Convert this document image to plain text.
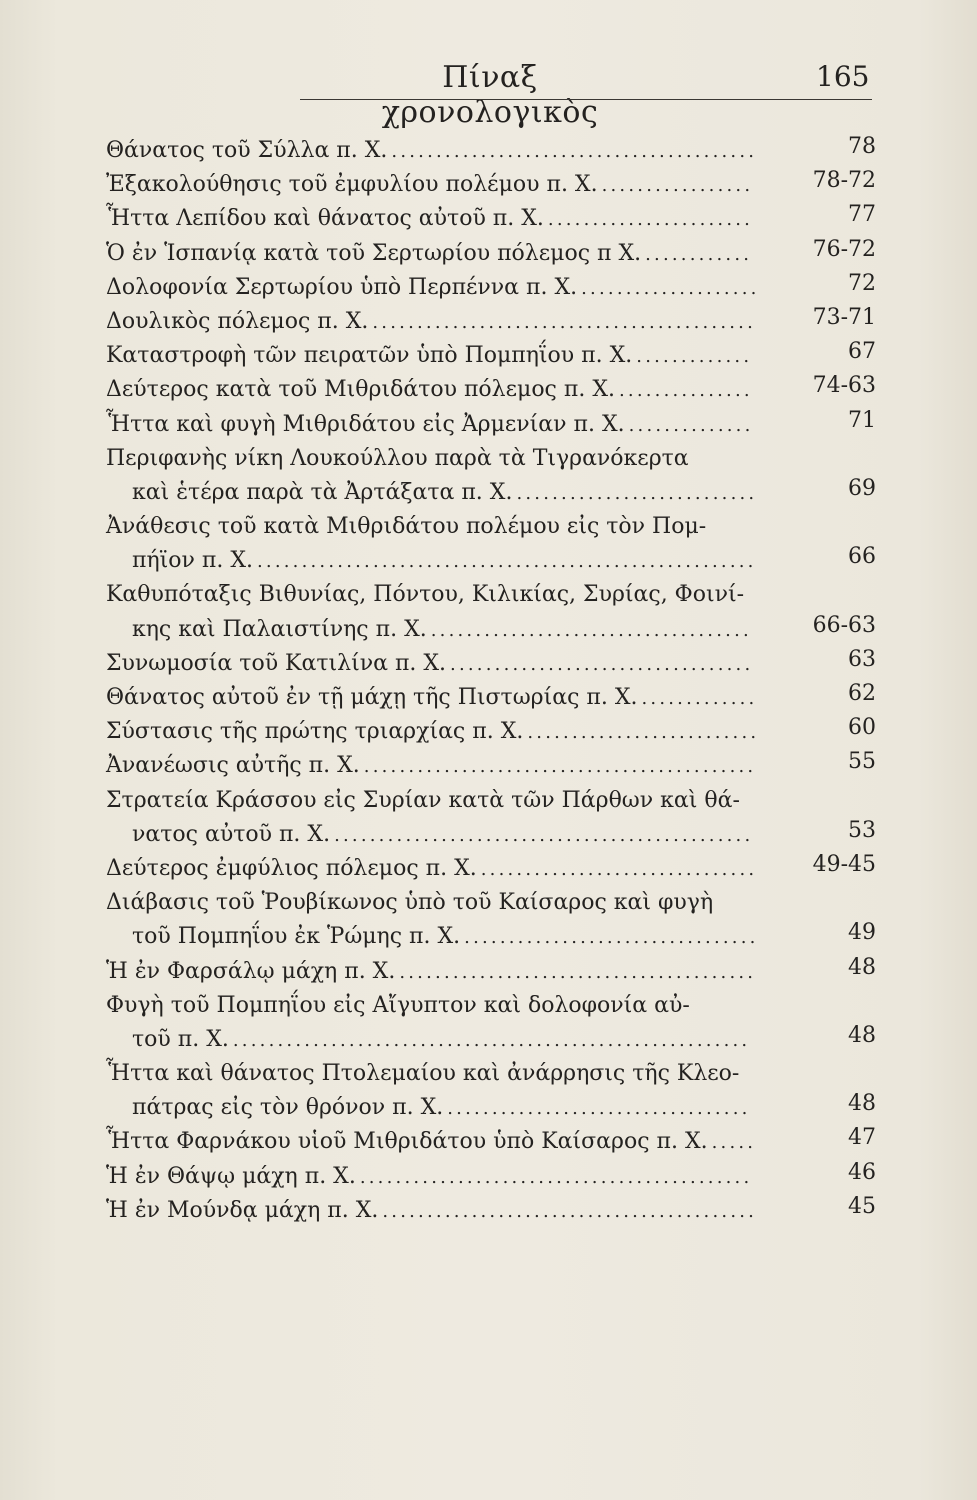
Πίναξ χρονολογικὸς
165
Θάνατος τοῦ Σύλλα π. Χ. .........................................	78
Ἐξακολούθησις τοῦ ἐμφυλίου πολέμου π. Χ. .................	78-72
Ἧττα Λεπίδου καὶ θάνατος αὐτοῦ π. Χ. .......................	77
Ὁ ἐν Ἱσπανίᾳ κατὰ τοῦ Σερτωρίου πόλεμος π Χ. ............	76-72
Δολοφονία Σερτωρίου ὑπὸ Περπέννα π. Χ. ....................	72
Δουλικὸς πόλεμος π. Χ. ...........................................	73-71
Καταστροφὴ τῶν πειρατῶν ὑπὸ Πομπηΐου π. Χ. .............	67
Δεύτερος κατὰ τοῦ Μιθριδάτου πόλεμος π. Χ. ...............	74-63
Ἧττα καὶ φυγὴ Μιθριδάτου εἰς Ἀρμενίαν π. Χ. ..............	71
Περιφανὴς νίκη Λουκούλλου παρὰ τὰ Τιγρανόκερτα
καὶ ἑτέρα παρὰ τὰ Ἀρτάξατα π. Χ. ...........................	69
Ἀνάθεσις τοῦ κατὰ Μιθριδάτου πολέμου εἰς τὸν Πομ-
πήϊον π. Χ. ........................................................	66
Καθυπόταξις Βιθυνίας, Πόντου, Κιλικίας, Συρίας, Φοινί-
κης καὶ Παλαιστίνης π. Χ. ....................................	66-63
Συνωμοσία τοῦ Κατιλίνα π. Χ. ..................................	63
Θάνατος αὐτοῦ ἐν τῇ μάχῃ τῆς Πιστωρίας π. Χ. .............	62
Σύστασις τῆς πρώτης τριαρχίας π. Χ. ..........................	60
Ἀνανέωσις αὐτῆς π. Χ. ............................................	55
Στρατεία Κράσσου εἰς Συρίαν κατὰ τῶν Πάρθων καὶ θά-
νατος αὐτοῦ π. Χ. ...............................................	53
Δεύτερος ἐμφύλιος πόλεμος π. Χ. ...............................	49-45
Διάβασις τοῦ Ῥουβίκωνος ὑπὸ τοῦ Καίσαρος καὶ φυγὴ
τοῦ Πομπηΐου ἐκ Ῥώμης π. Χ. .................................	49
Ἡ ἐν Φαρσάλῳ μάχη π. Χ. ........................................	48
Φυγὴ τοῦ Πομπηΐου εἰς Αἴγυπτον καὶ δολοφονία αὐ-
τοῦ π. Χ. ..........................................................	48
Ἧττα καὶ θάνατος Πτολεμαίου καὶ ἀνάρρησις τῆς Κλεο-
πάτρας εἰς τὸν θρόνον π. Χ. ..................................	48
Ἧττα Φαρνάκου υἱοῦ Μιθριδάτου ὑπὸ Καίσαρος π. Χ. .....	47
Ἡ ἐν Θάψῳ μάχη π. Χ. ............................................	46
Ἡ ἐν Μούνδᾳ μάχη π. Χ. ..........................................	45
